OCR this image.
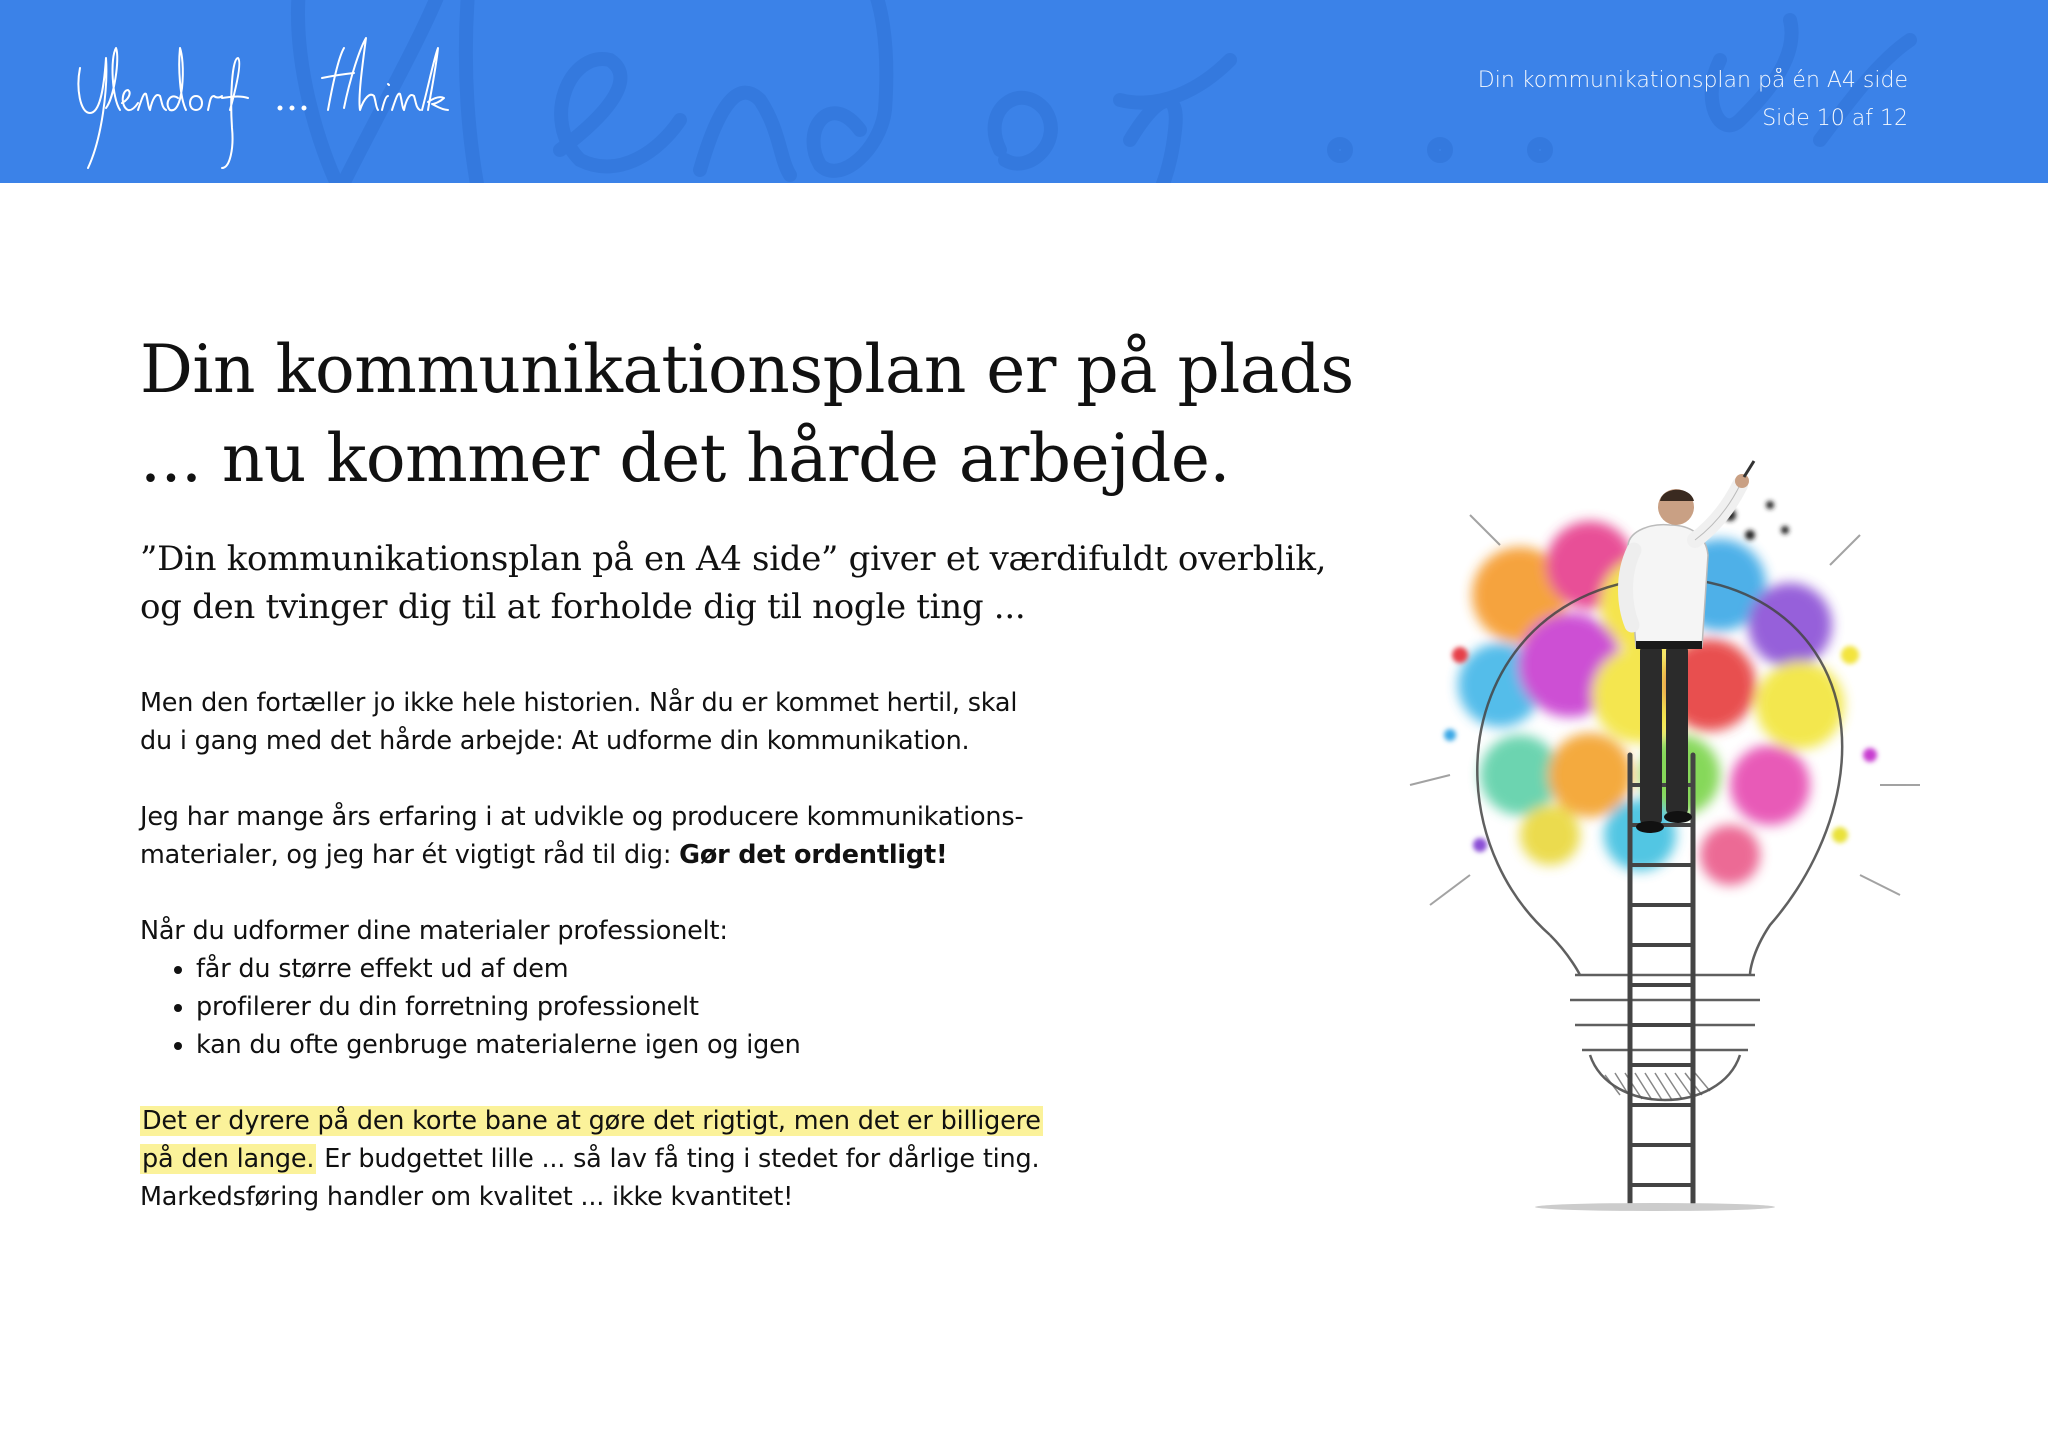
Din kommunikationsplan på én A4 side
Side 10 af 12
Din kommunikationsplan er på plads
... nu kommer det hårde arbejde.

”Din kommunikationsplan på en A4 side” giver et værdifuldt overblik,
og den tvinger dig til at forholde dig til nogle ting ...

Men den fortæller jo ikke hele historien. Når du er kommet hertil, skal
du i gang med det hårde arbejde: At udforme din kommunikation.

Jeg har mange års erfaring i at udvikle og producere kommunikations-
materialer, og jeg har ét vigtigt råd til dig: Gør det ordentligt!

Når du udformer dine materialer professionelt:
• får du større effekt ud af dem
• profilerer du din forretning professionelt
• kan du ofte genbruge materialerne igen og igen

Det er dyrere på den korte bane at gøre det rigtigt, men det er billigere
på den lange. Er budgettet lille ... så lav få ting i stedet for dårlige ting.
Markedsføring handler om kvalitet ... ikke kvantitet!
